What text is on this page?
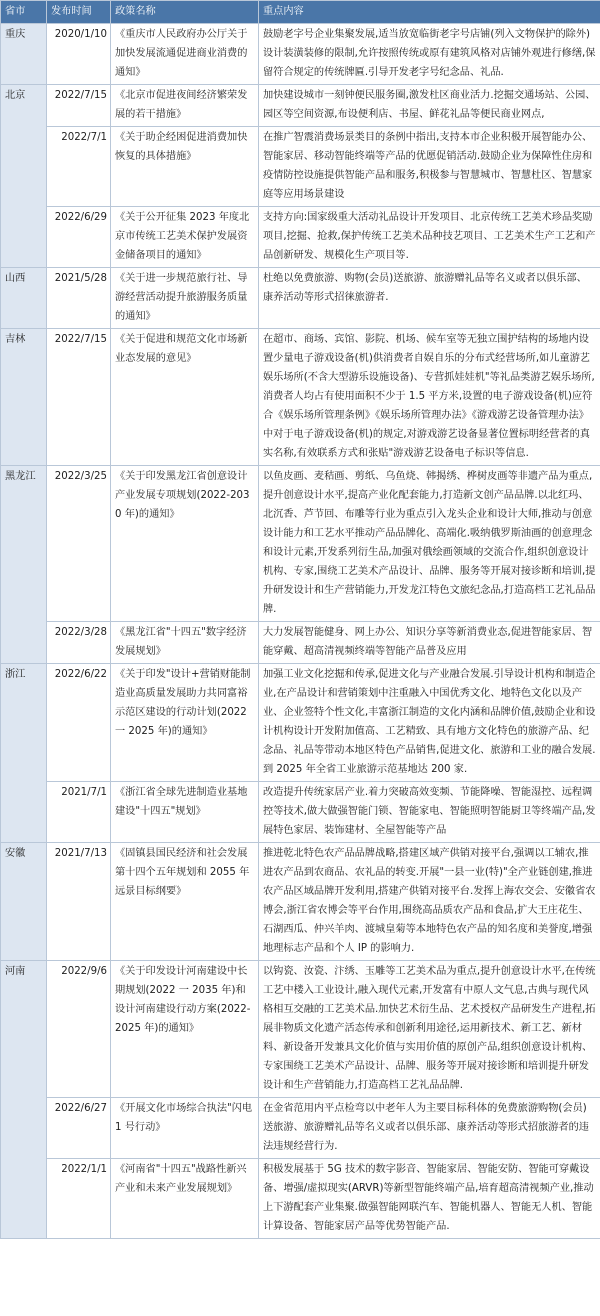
省市	发布时间	政策名称	重点内容
重庆	2020/1/10	《重庆市人民政府办公厅关于加快发展流通促进商业消费的通知》	鼓励老字号企业集聚发展,适当放宽临街老字号店铺(列入文物保护的除外)设计装潢装修的限制,允许按照传统或原有建筑风格对店铺外观进行修缮,保留符合规定的传统牌匾.引导开发老字号纪念品、礼品.
北京	2022/7/15	《北京市促进夜间经济繁荣发展的若干措施》	加快建设城市一刻钟便民服务圈,激发杜区商业活力.挖掘交通场站、公园、园区等空间资源,布设便利店、书屋、鲜花礼品等便民商业网点,
	2022/7/1	《关于助企经困促进消费加快恢复的具体措施》	在推广智震消费场景类目的条例中指出,支持本市企业积极开展智能办公、智能家居、移动智能终端等产品的优愿促销活动.鼓励企业为保障性住房和疫情防控设施提供智能产品和服务,积极参与智慧城市、智慧杜区、智慧家庭等应用场景建设
	2022/6/29	《关于公开征集 2023 年度北京市传统工艺美术保护发展资金储备项目的通知》	支持方向:国家级重大活动礼品设计开发项目、北京传统工艺美术珍品奖励项目,挖掘、抢救,保护传统工艺美术品种技艺项目、工艺美术生产工艺和产品创新研发、规模化生产项目等.
山西	2021/5/28	《关于进一步规范旅行社、导游经营活动提升旅游服务质量的通知》	杜绝以免费旅游、购物(会员)送旅游、旅游赠礼品等名义或者以俱乐部、康养活动等形式招徕旅游者.
吉林	2022/7/15	《关于促进和规范文化市场新业态发展的意见》	在超市、商场、宾馆、影院、机场、候车室等无独立围护结构的场地内设置少量电子游戏设备(机)供消费者自娱自乐的分布式经营场所,如儿童游艺娱乐场所(不含大型游乐设施设备)、专营抓娃娃机"等礼品类游艺娱乐场所,消费者人均占有使用面积不少于 1.5 平方米,设置的电子游戏设备(机)应符合《娱乐场所管理条例》《娱乐场所管理办法》《游戏游艺设备管理办法》中对于电子游戏设备(机)的规定,对游戏游艺设备显著位置标明经营者的真实名称,有效联系方式和张贴"游戏游艺设备电子标识等信息.
黑龙江	2022/3/25	《关于印发黑龙江省创意设计产业发展专项规划(2022-2030 年)的通知》	以鱼皮画、麦秸画、剪纸、乌鱼烧、韩揭绣、桦树皮画等非遗产品为重点,提升创意设计水平,提高产业化配套能力,打造新文创产品品牌.以北红玛、北沉香、芦节回、布雕等行业为重点引入龙头企业和设计大师,推动与创意设计能力和工艺水平推动产品品牌化、高端化.吸纳俄罗斯油画的创意理念和设计元素,开发系列衍生品,加强对俄绘画领域的交流合作,组织创意设计机构、专家,围绕工艺美术产品设计、品牌、服务等开展对接诊断和培训,提升研发设计和生产营销能力,开发龙江特色文旅纪念品,打造高档工艺礼品品牌.
	2022/3/28	《黑龙江省"十四五"数字经济发展规划》	大力发展智能健身、网上办公、知识分享等新消费业态,促进智能家居、智能穿戴、超高清视频终端等智能产品普及应用
浙江	2022/6/22	《关于印发"设计+营销财能制造业高质量发展助力共同富裕示范区建设的行动计划(2022 一 2025 年)的通知》	加强工业文化挖掘和传承,促进文化与产业融合发展.引导设计机构和制造企业,在产品设计和营销策划中注重融入中国优秀文化、地特色文化以及产业、企业签特个性文化,丰富浙江制造的文化内涵和品牌价值,鼓励企业和设计机构设计开发附加值高、工艺精致、具有地方文化特色的旅游产品、纪念品、礼品等带动本地区特色产品销售,促进文化、旅游和工业的融合发展.到 2025 年全省工业旅游示范基地达 200 家.
	2021/7/1	《浙江省全球先进制造业基地建设"十四五"规划》	改造提升传统家居产业.着力突破高效变频、节能降噪、智能湿控、远程调控等技术,做大做强智能门锁、智能家电、智能照明智能厨卫等终端产品,发展特色家居、装饰建材、全屋智能等产品
安徽	2021/7/13	《固镇县国民经济和社会发展第十四个五年规划和 2055 年远景目标纲要》	推进乾北特色农产品品牌战略,搭建区域产供销对接平台,强调以工辅农,推进农产品到农商品、农礼品的转变.开展"一县一业(特)"全产业链创建,推进农产品区域品牌开发利用,搭建产供销对接平台.发挥上海农交会、安徽省农博会,浙江省农博会等平台作用,围绕高品质农产品和食品,扩大王庄花生、石湖西瓜、仲兴羊肉、渡城皇菊等本地特色农产品的知名度和美誉度,增强地理标志产品和个人 IP 的影响力.
河南	2022/9/6	《关于印发设计河南建设中长期规划(2022 一 2035 年)和设计河南建设行动方案(2022-2025 年)的通知》	以钩瓷、汝瓷、汴绣、玉雕等工艺美术品为重点,提升创意设计水平,在传统工艺中楼入工业设计,融入现代元素,开发富有中原人文气息,古典与现代风格相互交融的工艺美术品.加快艺术衍生品、艺术授权产品研发生产进程,拓展非物质文化遗产活态传承和创新利用途径,运用新技术、新工艺、新材料、新设备开发兼具文化价值与实用价值的原创产品,组织创意设计机构、专家围绕工艺美术产品设计、品牌、服务等开展对接诊断和培训提升研发设计和生产营销能力,打造高档工艺礼品品牌.
	2022/6/27	《开展文化市场综合执法"闪电 1 号行动》	在金省范用内平点检弯以中老年人为主要目标科体的免费旅游购物(会员)送旅游、旅游赠礼品等名义或者以俱乐部、康养活动等形式招旅游者的违法违规经营行为.
	2022/1/1	《河南省"十四五"战路性新兴产业和未来产业发展规划》	积极发展基于 5G 技术的数字影音、智能家居、智能安防、智能可穿戴设备、增强/虚拟现实(ARVR)等新型智能终端产品,培育超高清视频产业,推动上下游配套产业集聚.做强智能网联汽车、智能机器人、智能无人机、智能计算设备、智能家居产品等优势智能产品.
